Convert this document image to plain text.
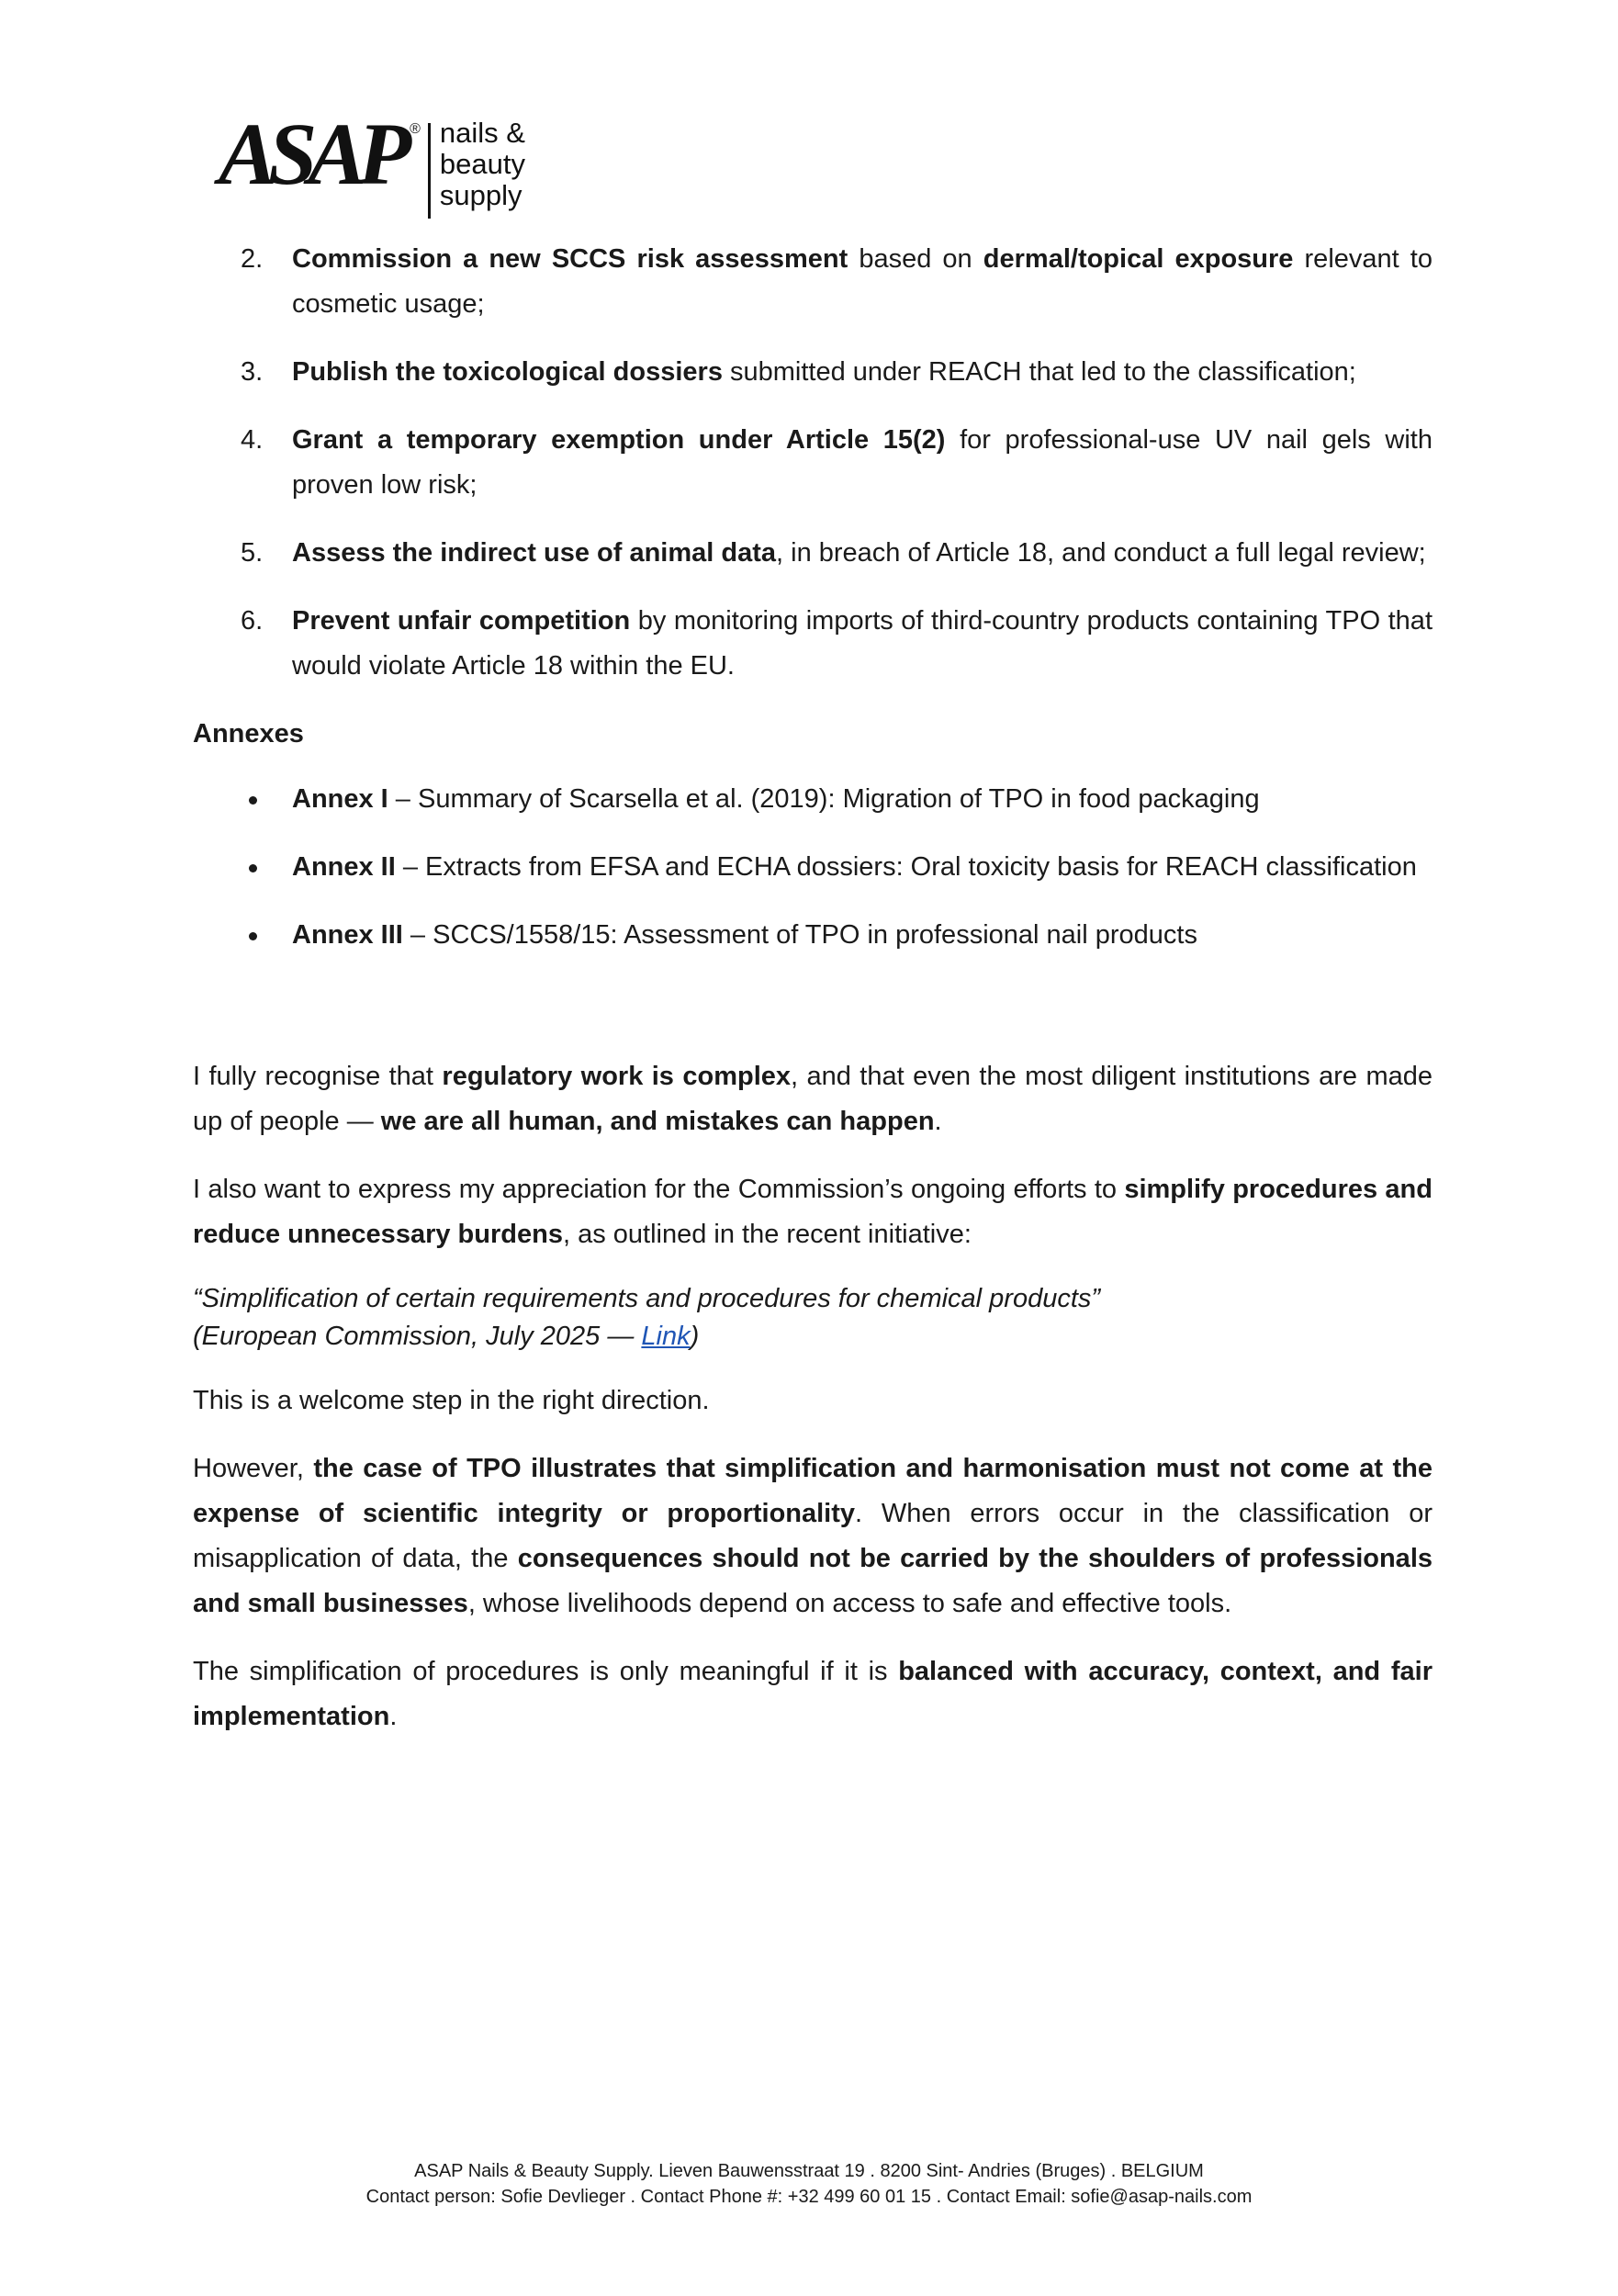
ASAP ® nails &
beauty
supply
2. Commission a new SCCS risk assessment based on dermal/topical exposure relevant to cosmetic usage;
3. Publish the toxicological dossiers submitted under REACH that led to the classification;
4. Grant a temporary exemption under Article 15(2) for professional-use UV nail gels with proven low risk;
5. Assess the indirect use of animal data, in breach of Article 18, and conduct a full legal review;
6. Prevent unfair competition by monitoring imports of third-country products containing TPO that would violate Article 18 within the EU.

Annexes

Annex I – Summary of Scarsella et al. (2019): Migration of TPO in food packaging
Annex II – Extracts from EFSA and ECHA dossiers: Oral toxicity basis for REACH classification
Annex III – SCCS/1558/15: Assessment of TPO in professional nail products

I fully recognise that regulatory work is complex, and that even the most diligent institutions are made up of people — we are all human, and mistakes can happen.

I also want to express my appreciation for the Commission’s ongoing efforts to simplify procedures and reduce unnecessary burdens, as outlined in the recent initiative:

“Simplification of certain requirements and procedures for chemical products”
(European Commission, July 2025 — Link)

This is a welcome step in the right direction.

However, the case of TPO illustrates that simplification and harmonisation must not come at the expense of scientific integrity or proportionality. When errors occur in the classification or misapplication of data, the consequences should not be carried by the shoulders of professionals and small businesses, whose livelihoods depend on access to safe and effective tools.

The simplification of procedures is only meaningful if it is balanced with accuracy, context, and fair implementation.

ASAP Nails & Beauty Supply. Lieven Bauwensstraat 19 . 8200 Sint- Andries (Bruges) . BELGIUM

Contact person: Sofie Devlieger . Contact Phone #: +32 499 60 01 15 . Contact Email: sofie@asap-nails.com
